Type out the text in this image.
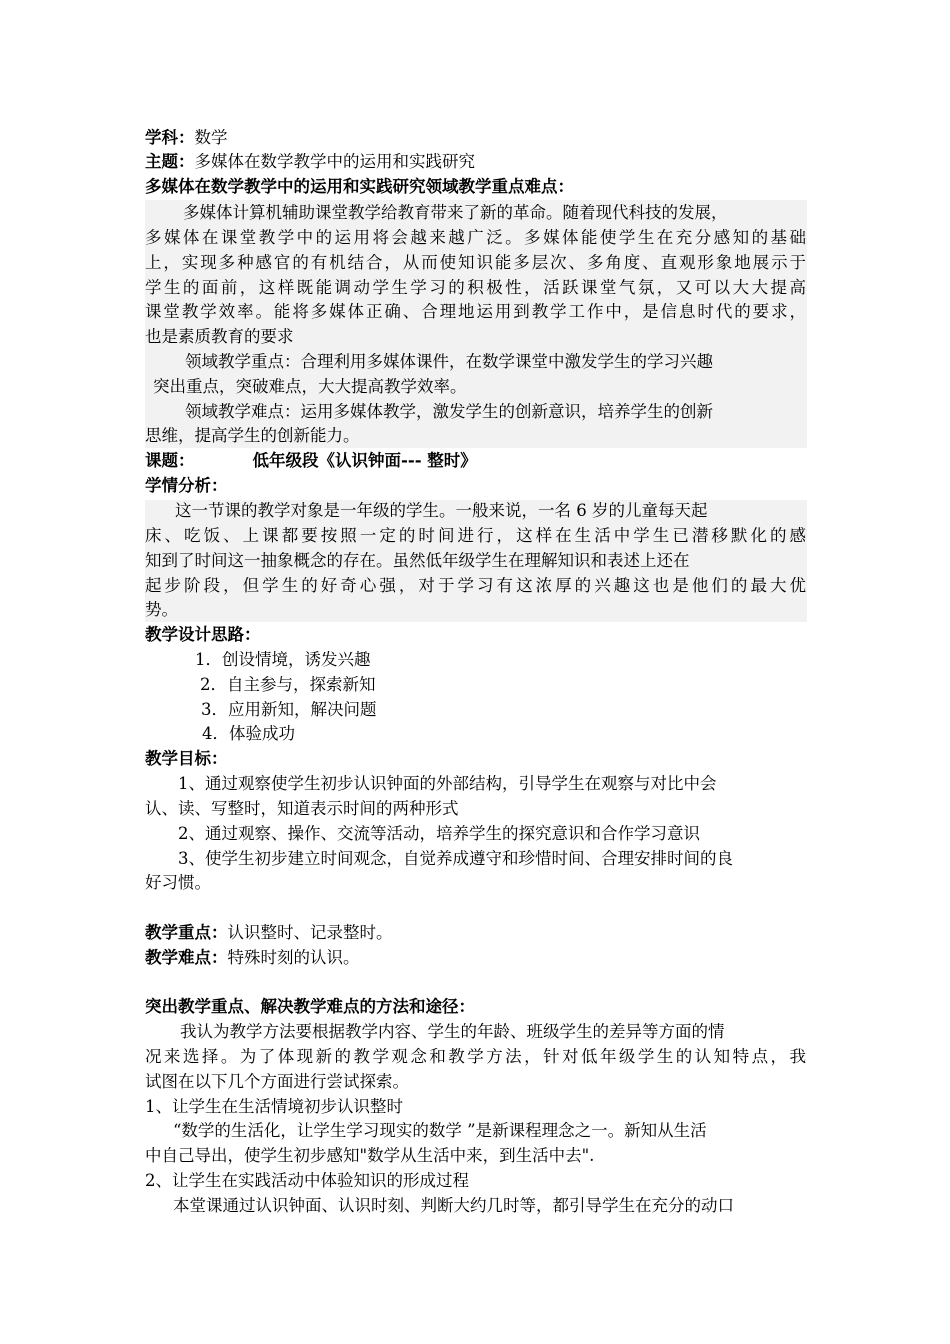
学科：数学
主题：多媒体在数学教学中的运用和实践研究
多媒体在数学教学中的运用和实践研究领域教学重点难点：
多媒体计算机辅助课堂教学给教育带来了新的革命。随着现代科技的发展，
多媒体在课堂教学中的运用将会越来越广泛。多媒体能使学生在充分感知的基础
上，实现多种感官的有机结合，从而使知识能多层次、多角度、直观形象地展示于
学生的面前，这样既能调动学生学习的积极性，活跃课堂气氛，又可以大大提高
课堂教学效率。能将多媒体正确、合理地运用到教学工作中，是信息时代的要求，
也是素质教育的要求
领域教学重点：合理利用多媒体课件，在数学课堂中激发学生的学习兴趣
突出重点，突破难点，大大提高教学效率。
领域教学难点：运用多媒体教学，激发学生的创新意识，培养学生的创新
思维，提高学生的创新能力。
课题：	低年级段《认识钟面--- 整时》
学情分析：
这一节课的教学对象是一年级的学生。一般来说，一名 6 岁的儿童每天起
床、吃饭、上课都要按照一定的时间进行，这样在生活中学生已潜移默化的感
知到了时间这一抽象概念的存在。虽然低年级学生在理解知识和表述上还在
起步阶段，但学生的好奇心强，对于学习有这浓厚的兴趣这也是他们的最大优
势。
教学设计思路：
1．创设情境，诱发兴趣
2．自主参与，探索新知
3．应用新知，解决问题
4．体验成功
教学目标：
1、通过观察使学生初步认识钟面的外部结构，引导学生在观察与对比中会
认、读、写整时，知道表示时间的两种形式
2、通过观察、操作、交流等活动，培养学生的探究意识和合作学习意识
3、使学生初步建立时间观念，自觉养成遵守和珍惜时间、合理安排时间的良
好习惯。
教学重点：认识整时、记录整时。
教学难点：特殊时刻的认识。
突出教学重点、解决教学难点的方法和途径：
我认为教学方法要根据教学内容、学生的年龄、班级学生的差异等方面的情
况来选择。为了体现新的教学观念和教学方法，针对低年级学生的认知特点，我
试图在以下几个方面进行尝试探索。
1、让学生在生活情境初步认识整时
“数学的生活化，让学生学习现实的数学 ”是新课程理念之一。新知从生活
中自己导出，使学生初步感知"数学从生活中来，到生活中去".
2、让学生在实践活动中体验知识的形成过程
本堂课通过认识钟面、认识时刻、判断大约几时等，都引导学生在充分的动口
